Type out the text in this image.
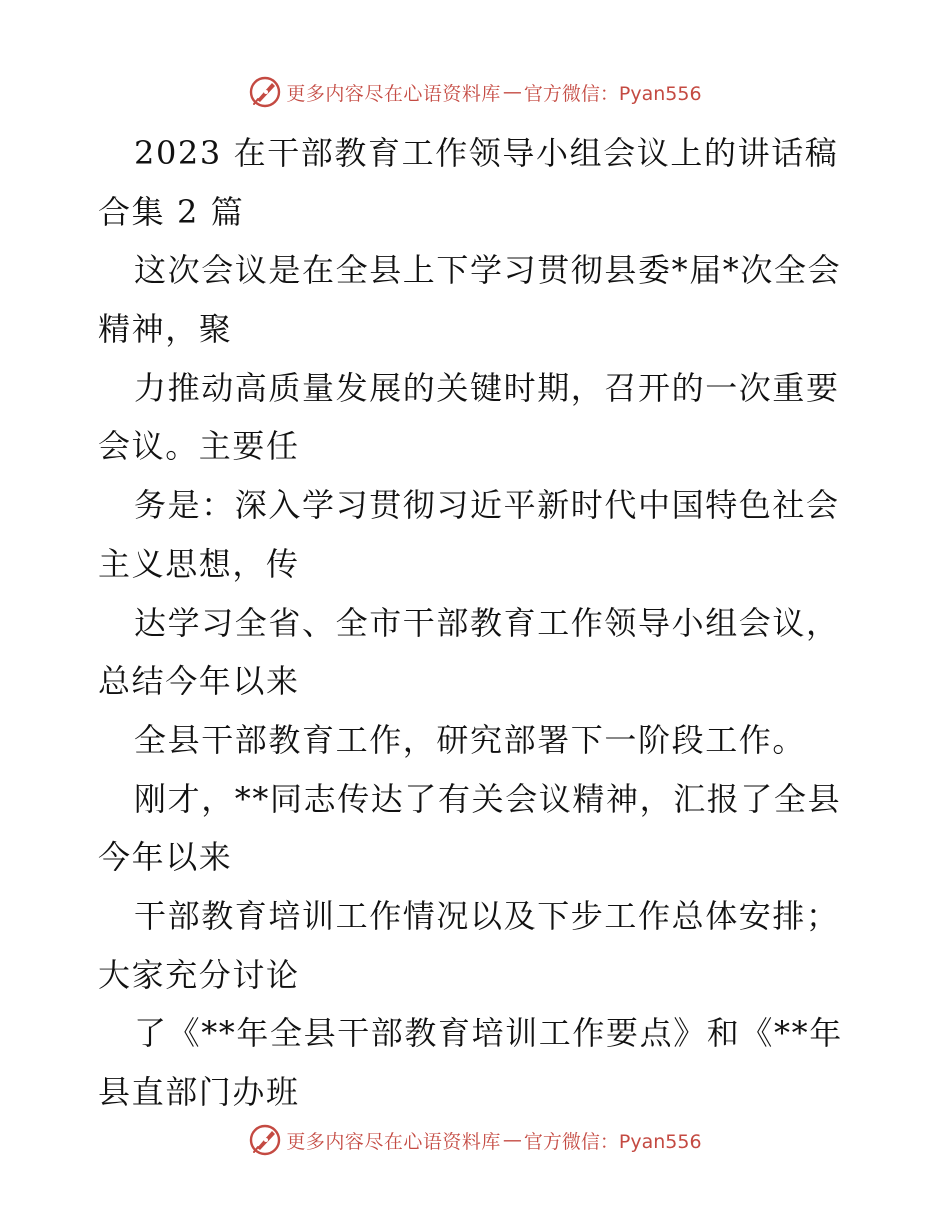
更多内容尽在心语资料库 — 官方微信：Pyan556
2023 在干部教育工作领导小组会议上的讲话稿
合集 2 篇
这次会议是在全县上下学习贯彻县委*届*次全会
精神，聚
力推动高质量发展的关键时期，召开的一次重要
会议。主要任
务是：深入学习贯彻习近平新时代中国特色社会
主义思想，传
达学习全省、全市干部教育工作领导小组会议，
总结今年以来
全县干部教育工作，研究部署下一阶段工作。
刚才，**同志传达了有关会议精神，汇报了全县
今年以来
干部教育培训工作情况以及下步工作总体安排；
大家充分讨论
了《**年全县干部教育培训工作要点》和《**年
县直部门办班
更多内容尽在心语资料库 — 官方微信：Pyan556
